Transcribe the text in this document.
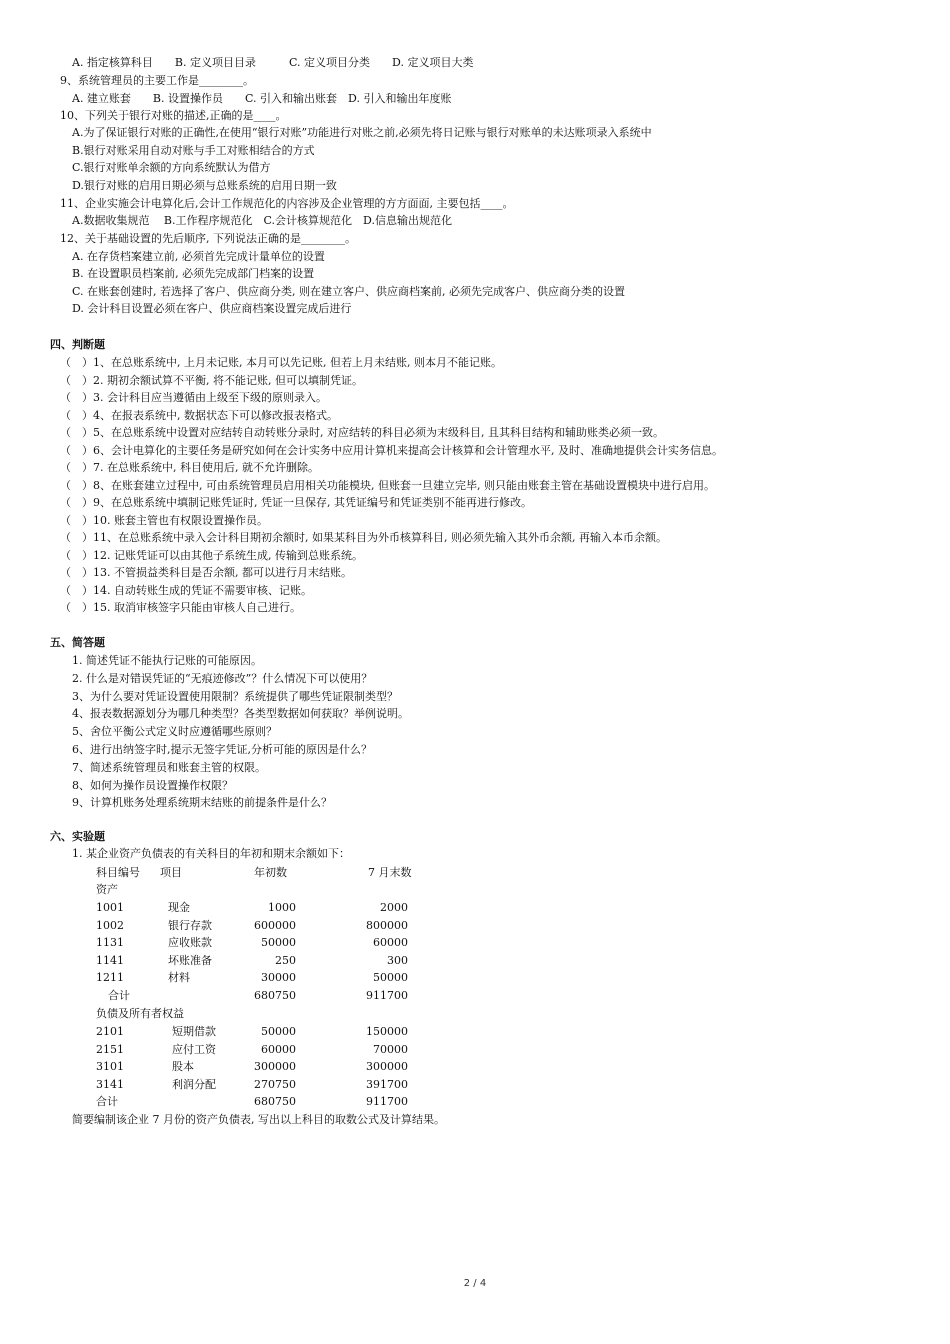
A. 指定核算科目　　B. 定义项目目录　　　C. 定义项目分类　　D. 定义项目大类
9、系统管理员的主要工作是________。
A. 建立账套　　B. 设置操作员　　C. 引入和输出账套　D. 引入和输出年度账
10、下列关于银行对账的描述,正确的是____。
A.为了保证银行对账的正确性,在使用“银行对账”功能进行对账之前,必须先将日记账与银行对账单的未达账项录入系统中
B.银行对账采用自动对账与手工对账相结合的方式
C.银行对账单余额的方向系统默认为借方
D.银行对账的启用日期必须与总账系统的启用日期一致
11、企业实施会计电算化后,会计工作规范化的内容涉及企业管理的方方面面, 主要包括____。
A.数据收集规范　 B.工作程序规范化　C.会计核算规范化　D.信息输出规范化
12、关于基础设置的先后顺序, 下列说法正确的是________。
A. 在存货档案建立前, 必须首先完成计量单位的设置
B. 在设置职员档案前, 必须先完成部门档案的设置
C. 在账套创建时, 若选择了客户、供应商分类, 则在建立客户、供应商档案前, 必须先完成客户、供应商分类的设置
D. 会计科目设置必须在客户、供应商档案设置完成后进行
四、判断题
（　）1、在总账系统中, 上月未记账, 本月可以先记账, 但若上月未结账, 则本月不能记账。
（　）2. 期初余额试算不平衡, 将不能记账, 但可以填制凭证。
（　）3. 会计科目应当遵循由上级至下级的原则录入。
（　）4、在报表系统中, 数据状态下可以修改报表格式。
（　）5、在总账系统中设置对应结转自动转账分录时, 对应结转的科目必须为末级科目, 且其科目结构和辅助账类必须一致。
（　）6、会计电算化的主要任务是研究如何在会计实务中应用计算机来提高会计核算和会计管理水平, 及时、准确地提供会计实务信息。
（　）7. 在总账系统中, 科目使用后, 就不允许删除。
（　）8、在账套建立过程中, 可由系统管理员启用相关功能模块, 但账套一旦建立完毕, 则只能由账套主管在基础设置模块中进行启用。
（　）9、在总账系统中填制记账凭证时, 凭证一旦保存, 其凭证编号和凭证类别不能再进行修改。
（　）10. 账套主管也有权限设置操作员。
（　）11、在总账系统中录入会计科目期初余额时, 如果某科目为外币核算科目, 则必须先输入其外币余额, 再输入本币余额。
（　）12. 记账凭证可以由其他子系统生成, 传输到总账系统。
（　）13. 不管损益类科目是否余额, 都可以进行月末结账。
（　）14. 自动转账生成的凭证不需要审核、记账。
（　）15. 取消审核签字只能由审核人自己进行。
五、简答题
1. 简述凭证不能执行记账的可能原因。
2. 什么是对错误凭证的“无痕迹修改”？什么情况下可以使用？
3、为什么要对凭证设置使用限制？系统提供了哪些凭证限制类型？
4、报表数据源划分为哪几种类型？各类型数据如何获取？举例说明。
5、舍位平衡公式定义时应遵循哪些原则？
6、进行出纳签字时,提示无签字凭证,分析可能的原因是什么？
7、简述系统管理员和账套主管的权限。
8、如何为操作员设置操作权限？
9、计算机账务处理系统期末结账的前提条件是什么？
六、实验题
1. 某企业资产负债表的有关科目的年初和期末余额如下：
科目编号 项目	年初数	7 月末数
资产
1001	现金	1000	2000
1002	银行存款	600000	800000
1131	应收账款	50000	60000
1141	坏账准备	250	300
1211	材料	30000	50000
合计	680750	911700
负债及所有者权益
2101	短期借款	50000	150000
2151	应付工资	60000	70000
3101	股本	300000	300000
3141	利润分配	270750	391700
合计	680750	911700
简要编制该企业 7 月份的资产负债表, 写出以上科目的取数公式及计算结果。
2 / 4
